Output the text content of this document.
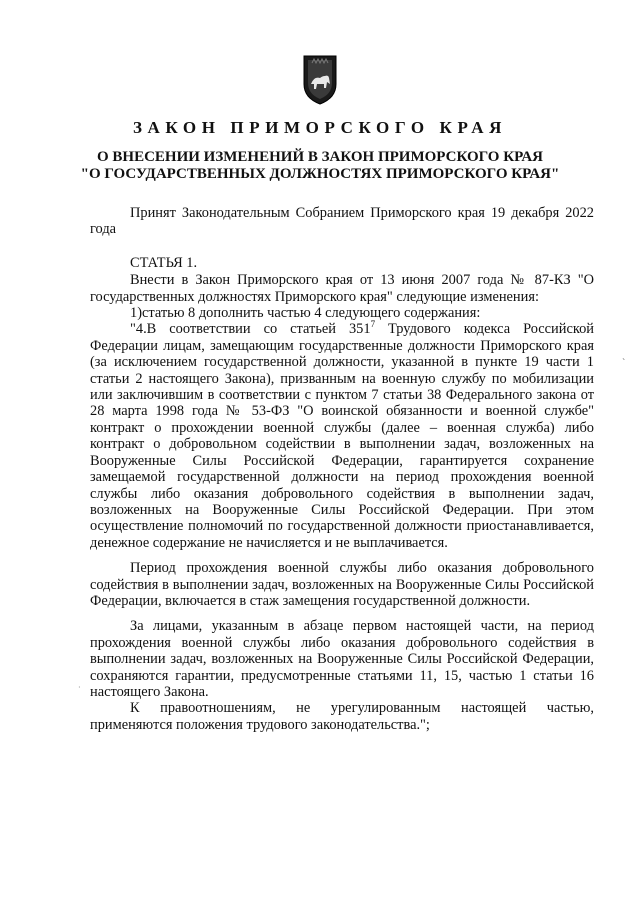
ЗАКОН ПРИМОРСКОГО КРАЯ
О ВНЕСЕНИИ ИЗМЕНЕНИЙ В ЗАКОН ПРИМОРСКОГО КРАЯ
"О ГОСУДАРСТВЕННЫХ ДОЛЖНОСТЯХ ПРИМОРСКОГО КРАЯ"

Принят Законодательным Собранием Приморского края 19 декабря 2022 года

СТАТЬЯ 1.

Внести в Закон Приморского края от 13 июня 2007 года № 87-КЗ "О государственных должностях Приморского края" следующие изменения:

1)статью 8 дополнить частью 4 следующего содержания:

"4.В соответствии со статьей $351^7$ Трудового кодекса Российской Федерации лицам, замещающим государственные должности Приморского края (за исключением государственной должности, указанной в пункте 19 части 1 статьи 2 настоящего Закона), призванным на военную службу по мобилизации или заключившим в соответствии с пунктом 7 статьи 38 Федерального закона от 28 марта 1998 года № 53-ФЗ "О воинской обязанности и военной службе" контракт о прохождении военной службы (далее – военная служба) либо контракт о добровольном содействии в выполнении задач, возложенных на Вооруженные Силы Российской Федерации, гарантируется сохранение замещаемой государственной должности на период прохождения военной службы либо оказания добровольного содействия в выполнении задач, возложенных на Вооруженные Силы Российской Федерации. При этом осуществление полномочий по государственной должности приостанавливается, денежное содержание не начисляется и не выплачивается.

Период прохождения военной службы либо оказания добровольного содействия в выполнении задач, возложенных на Вооруженные Силы Российской Федерации, включается в стаж замещения государственной должности.

За лицами, указанным в абзаце первом настоящей части, на период прохождения военной службы либо оказания добровольного содействия в выполнении задач, возложенных на Вооруженные Силы Российской Федерации, сохраняются гарантии, предусмотренные статьями 11, 15, частью 1 статьи 16 настоящего Закона.

К правоотношениям, не урегулированным настоящей частью, применяются положения трудового законодательства.";

ˋ
·
